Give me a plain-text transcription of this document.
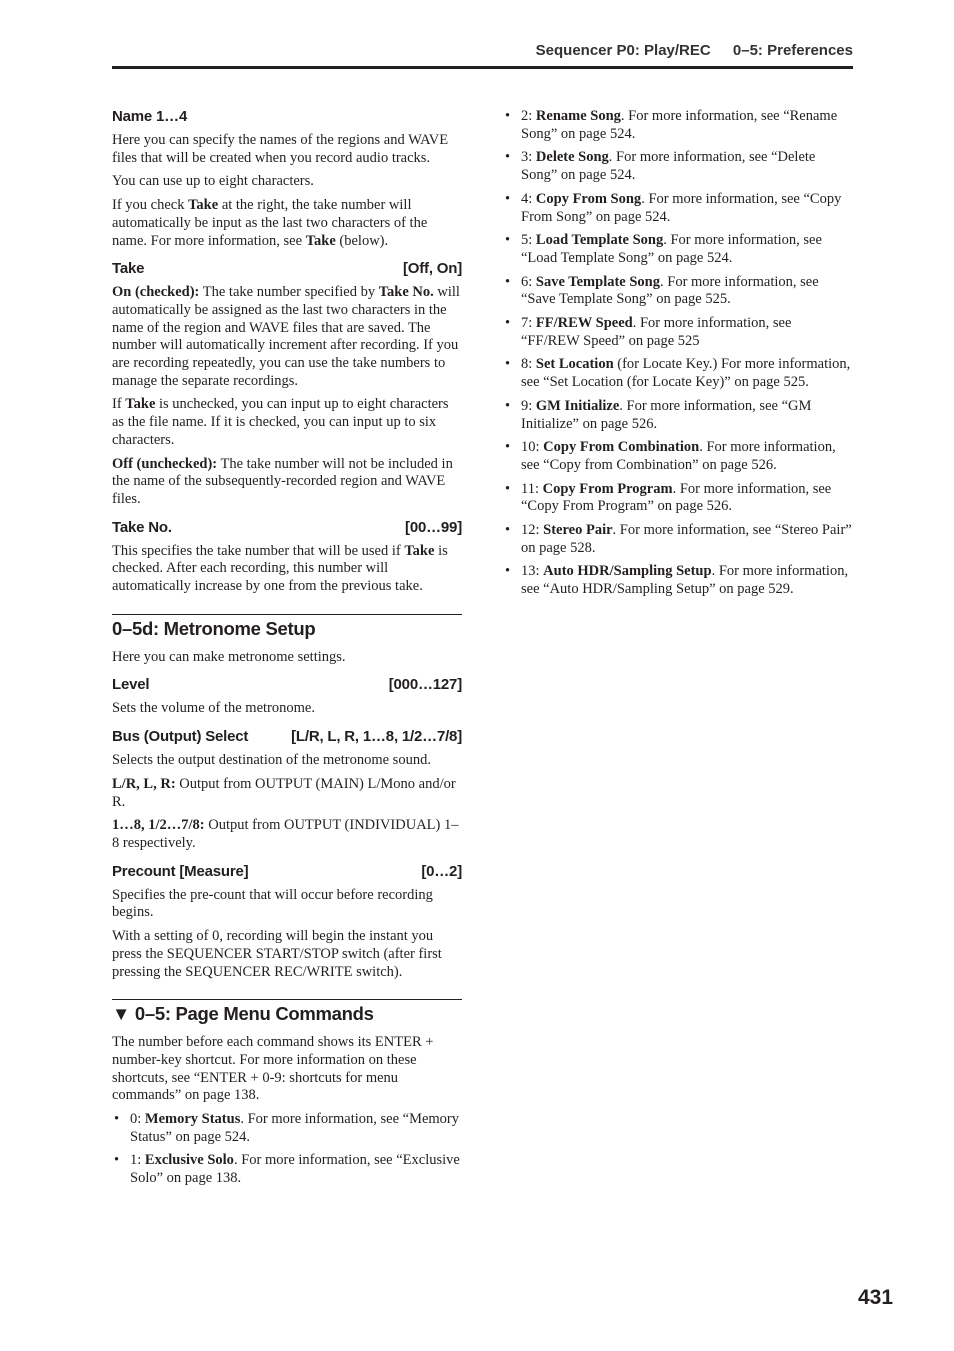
Sequencer P0: Play/REC 0–5: Preferences
Name 1…4

Here you can specify the names of the regions and WAVE files that will be created when you record audio tracks.

You can use up to eight characters.

If you check Take at the right, the take number will automatically be input as the last two characters of the name. For more information, see Take (below).

Take	[Off, On]

On (checked): The take number specified by Take No. will automatically be assigned as the last two characters in the name of the region and WAVE files that are saved. The number will automatically increment after recording. If you are recording repeatedly, you can use the take numbers to manage the separate recordings.

If Take is unchecked, you can input up to eight characters as the file name. If it is checked, you can input up to six characters.

Off (unchecked): The take number will not be included in the name of the subsequently-recorded region and WAVE files.

Take No.	[00…99]

This specifies the take number that will be used if Take is checked. After each recording, this number will automatically increase by one from the previous take.

0–5d: Metronome Setup

Here you can make metronome settings.

Level	[000…127]

Sets the volume of the metronome.

Bus (Output) Select	[L/R, L, R, 1…8, 1/2…7/8]

Selects the output destination of the metronome sound.

L/R, L, R: Output from OUTPUT (MAIN) L/Mono and/or R.

1…8, 1/2…7/8: Output from OUTPUT (INDIVIDUAL) 1–8 respectively.

Precount [Measure]	[0…2]

Specifies the pre-count that will occur before recording begins.

With a setting of 0, recording will begin the instant you press the SEQUENCER START/STOP switch (after first pressing the SEQUENCER REC/WRITE switch).

▼ 0–5: Page Menu Commands

The number before each command shows its ENTER + number-key shortcut. For more information on these shortcuts, see “ENTER + 0-9: shortcuts for menu commands” on page 138.

• 0: Memory Status. For more information, see “Memory Status” on page 524.
• 1: Exclusive Solo. For more information, see “Exclusive Solo” on page 138.
• 2: Rename Song. For more information, see “Rename Song” on page 524.
• 3: Delete Song. For more information, see “Delete Song” on page 524.
• 4: Copy From Song. For more information, see “Copy From Song” on page 524.
• 5: Load Template Song. For more information, see “Load Template Song” on page 524.
• 6: Save Template Song. For more information, see “Save Template Song” on page 525.
• 7: FF/REW Speed. For more information, see “FF/REW Speed” on page 525
• 8: Set Location (for Locate Key.) For more information, see “Set Location (for Locate Key)” on page 525.
• 9: GM Initialize. For more information, see “GM Initialize” on page 526.
• 10: Copy From Combination. For more information, see “Copy from Combination” on page 526.
• 11: Copy From Program. For more information, see “Copy From Program” on page 526.
• 12: Stereo Pair. For more information, see “Stereo Pair” on page 528.
• 13: Auto HDR/Sampling Setup. For more information, see “Auto HDR/Sampling Setup” on page 529.
431
